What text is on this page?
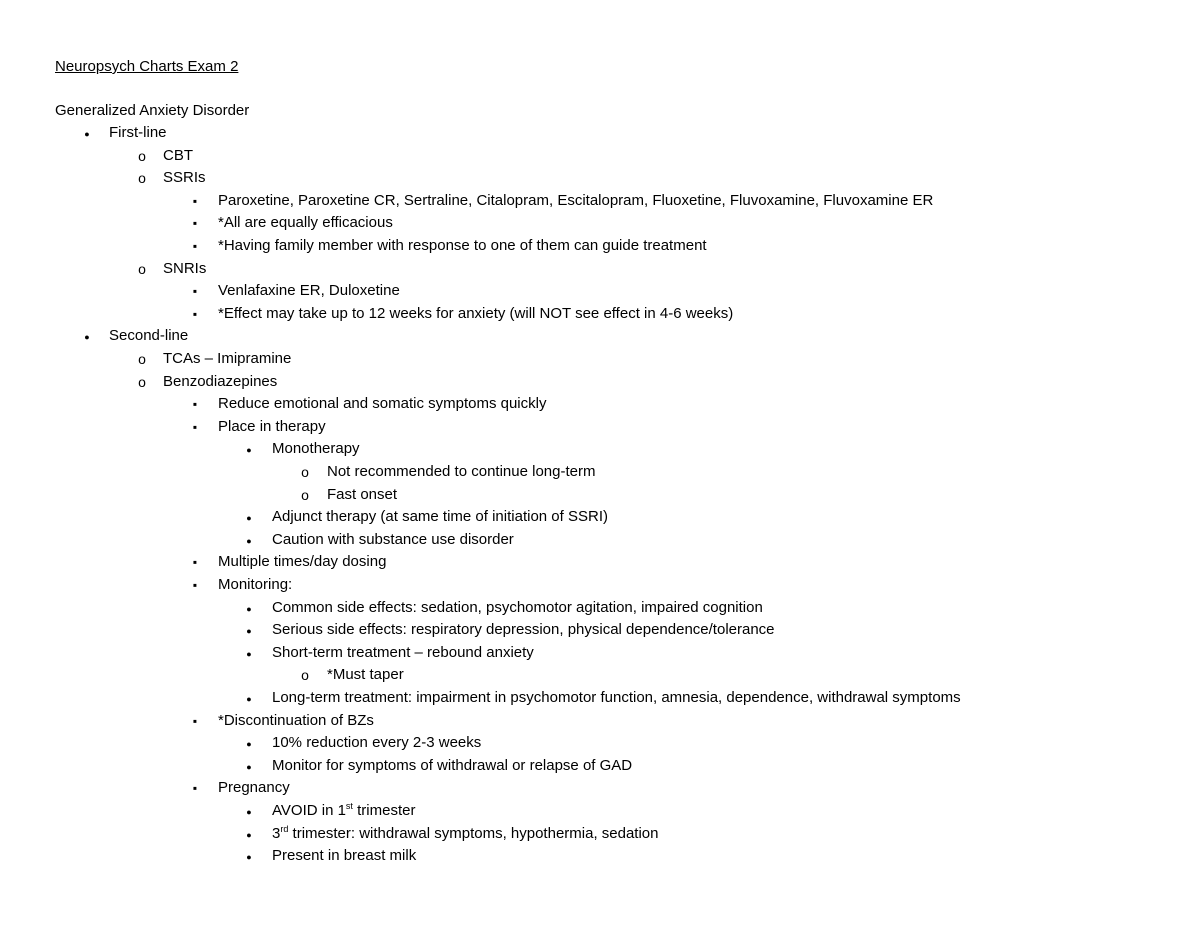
Neuropsych Charts Exam 2
Generalized Anxiety Disorder
●
First-line
o
CBT
o
SSRIs
▪
Paroxetine, Paroxetine CR, Sertraline, Citalopram, Escitalopram, Fluoxetine, Fluvoxamine, Fluvoxamine ER
▪
*All are equally efficacious
▪
*Having family member with response to one of them can guide treatment
o
SNRIs
▪
Venlafaxine ER, Duloxetine
▪
*Effect may take up to 12 weeks for anxiety (will NOT see effect in 4-6 weeks)
●
Second-line
o
TCAs – Imipramine
o
Benzodiazepines
▪
Reduce emotional and somatic symptoms quickly
▪
Place in therapy
●
Monotherapy
o
Not recommended to continue long-term
o
Fast onset
●
Adjunct therapy (at same time of initiation of SSRI)
●
Caution with substance use disorder
▪
Multiple times/day dosing
▪
Monitoring:
●
Common side effects: sedation, psychomotor agitation, impaired cognition
●
Serious side effects: respiratory depression, physical dependence/tolerance
●
Short-term treatment – rebound anxiety
o
*Must taper
●
Long-term treatment: impairment in psychomotor function, amnesia, dependence, withdrawal symptoms
▪
*Discontinuation of BZs
●
10% reduction every 2-3 weeks
●
Monitor for symptoms of withdrawal or relapse of GAD
▪
Pregnancy
●
AVOID in 1st trimester
●
3rd trimester: withdrawal symptoms, hypothermia, sedation
●
Present in breast milk
